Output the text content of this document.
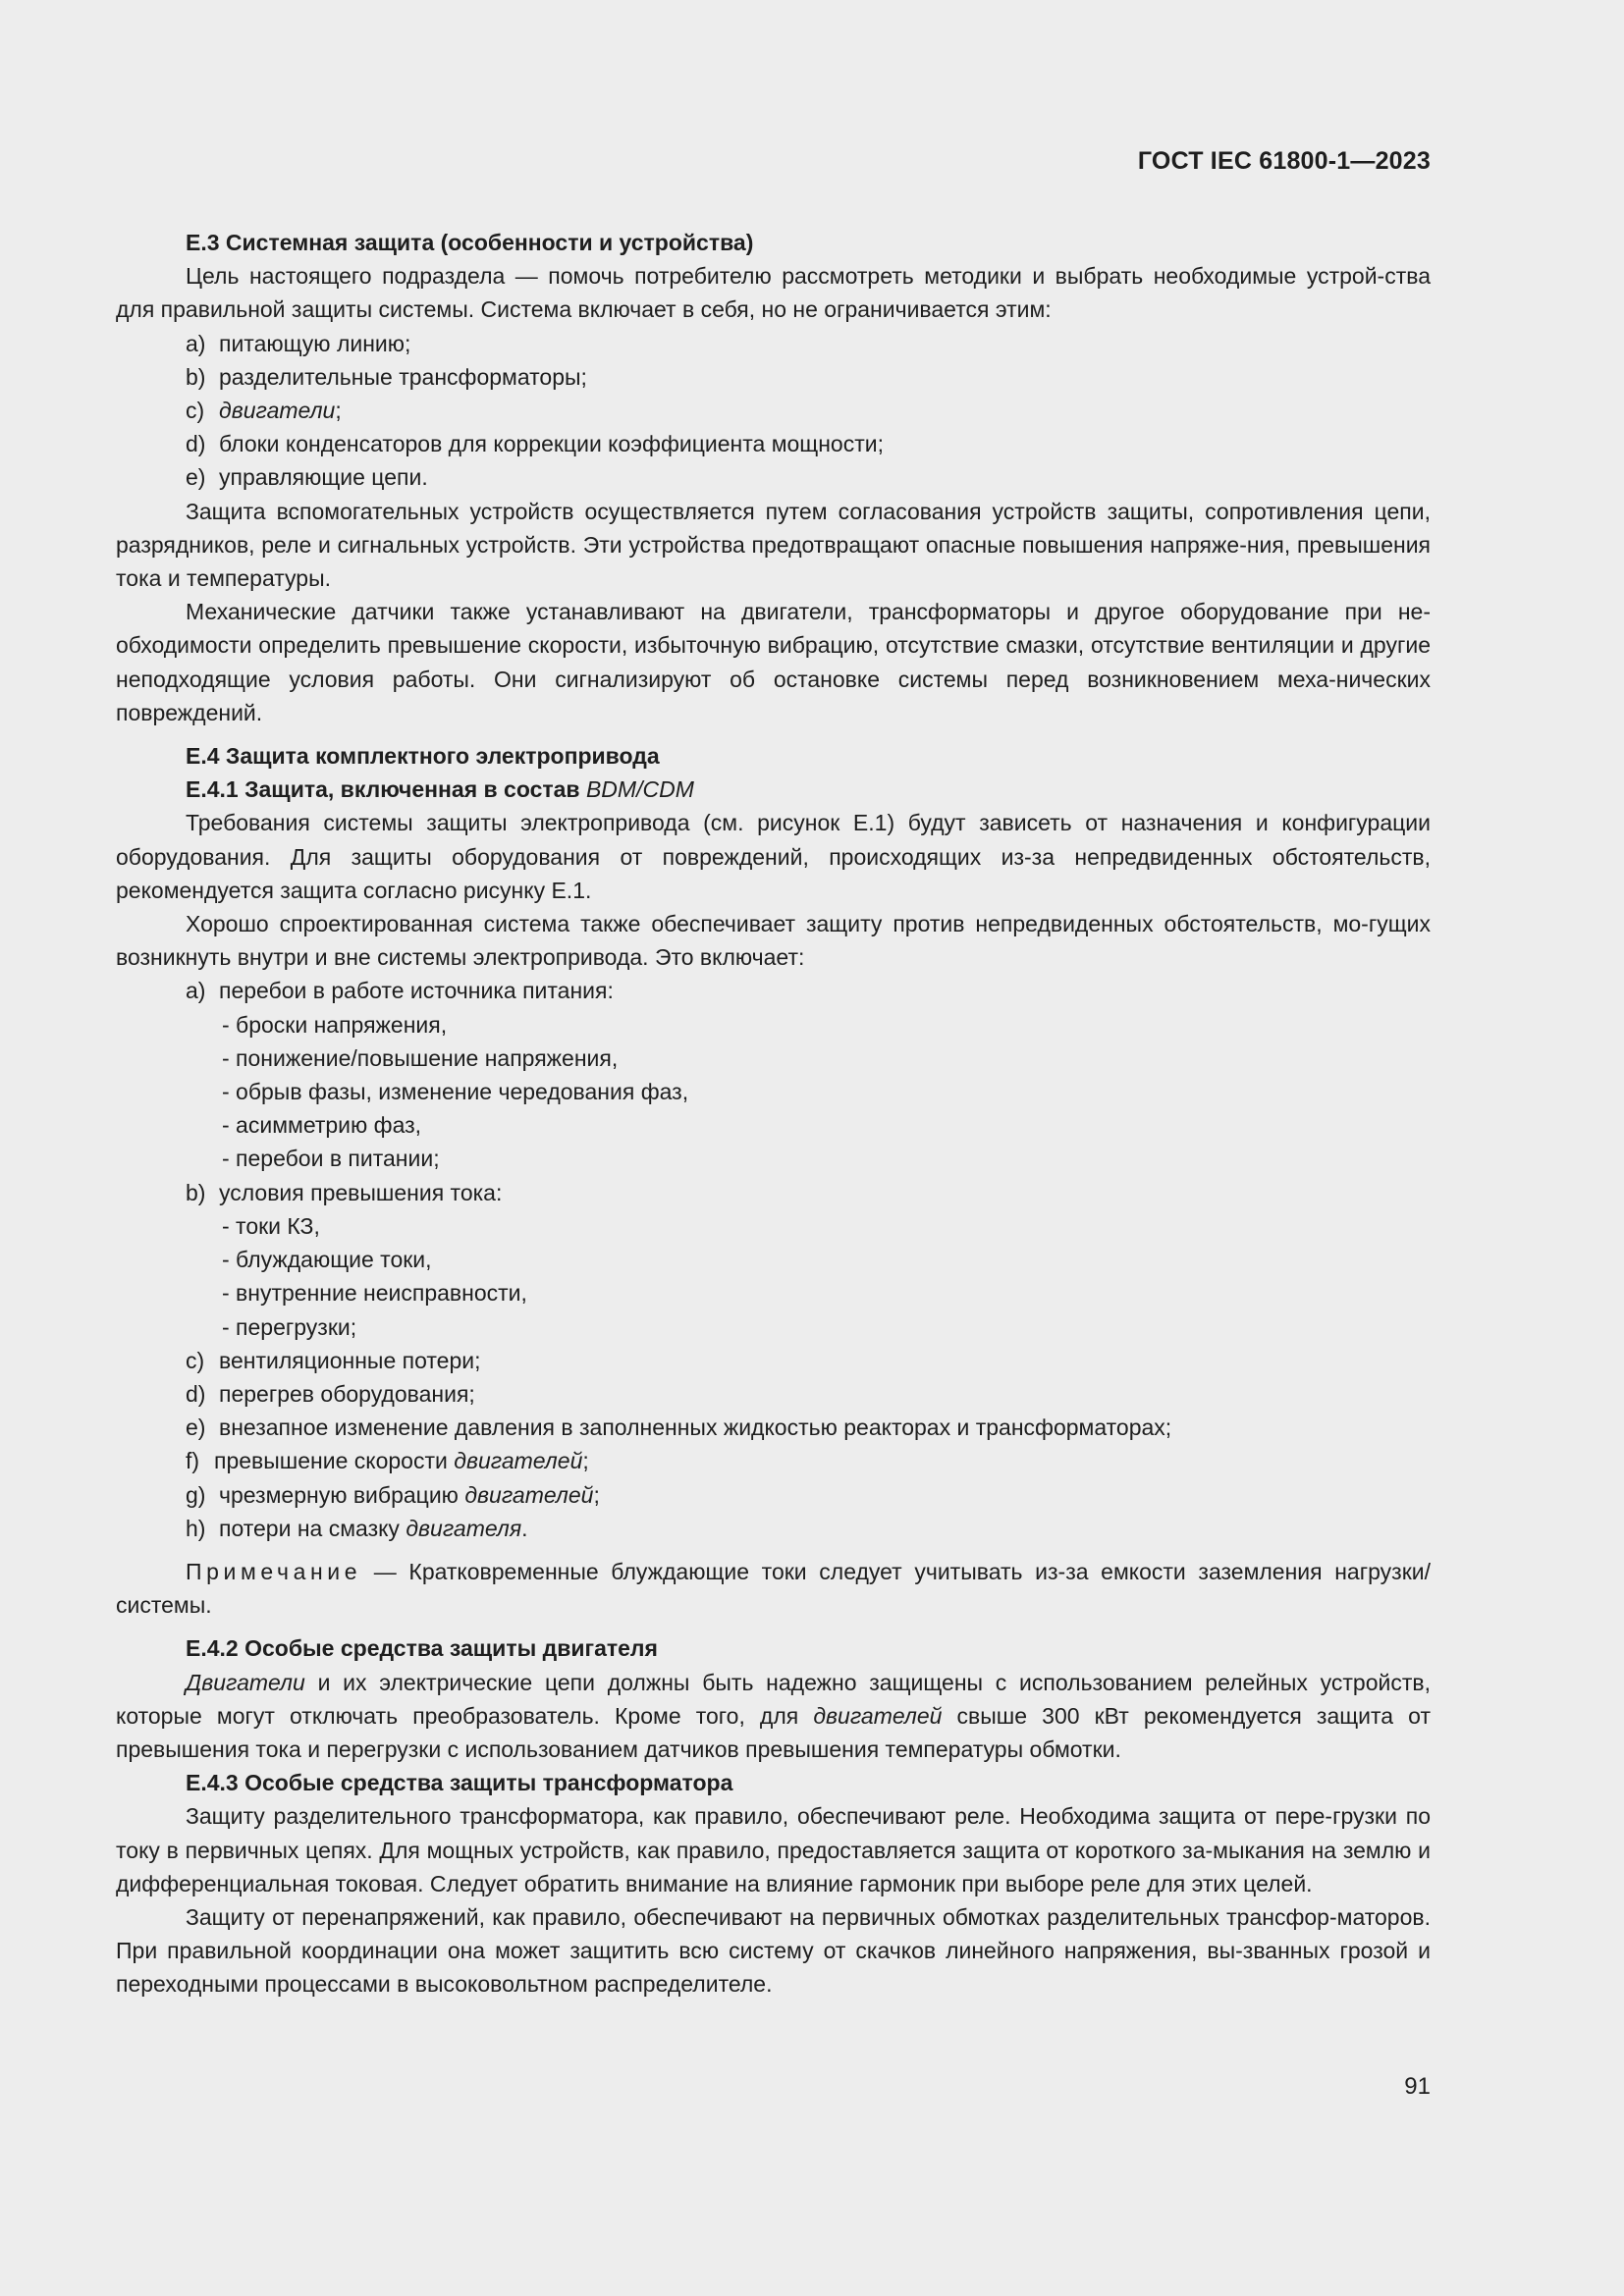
ГОСТ IEC 61800-1—2023

Е.3 Системная защита (особенности и устройства)

Цель настоящего подраздела — помочь потребителю рассмотреть методики и выбрать необходимые устрой-ства для правильной защиты системы. Система включает в себя, но не ограничивается этим:

a) питающую линию;

b) разделительные трансформаторы;

c) двигатели;

d) блоки конденсаторов для коррекции коэффициента мощности;

e) управляющие цепи.

Защита вспомогательных устройств осуществляется путем согласования устройств защиты, сопротивления цепи, разрядников, реле и сигнальных устройств. Эти устройства предотвращают опасные повышения напряже-ния, превышения тока и температуры.

Механические датчики также устанавливают на двигатели, трансформаторы и другое оборудование при не-обходимости определить превышение скорости, избыточную вибрацию, отсутствие смазки, отсутствие вентиляции и другие неподходящие условия работы. Они сигнализируют об остановке системы перед возникновением меха-нических повреждений.

Е.4 Защита комплектного электропривода

Е.4.1 Защита, включенная в состав BDM/CDM

Требования системы защиты электропривода (см. рисунок Е.1) будут зависеть от назначения и конфигурации оборудования. Для защиты оборудования от повреждений, происходящих из-за непредвиденных обстоятельств, рекомендуется защита согласно рисунку Е.1.

Хорошо спроектированная система также обеспечивает защиту против непредвиденных обстоятельств, мо-гущих возникнуть внутри и вне системы электропривода. Это включает:

a) перебои в работе источника питания:

- броски напряжения,

- понижение/повышение напряжения,

- обрыв фазы, изменение чередования фаз,

- асимметрию фаз,

- перебои в питании;

b) условия превышения тока:

- токи КЗ,

- блуждающие токи,

- внутренние неисправности,

- перегрузки;

c) вентиляционные потери;

d) перегрев оборудования;

e) внезапное изменение давления в заполненных жидкостью реакторах и трансформаторах;

f) превышение скорости двигателей;

g) чрезмерную вибрацию двигателей;

h) потери на смазку двигателя.

Примечание — Кратковременные блуждающие токи следует учитывать из-за емкости заземления нагрузки/системы.

Е.4.2 Особые средства защиты двигателя

Двигатели и их электрические цепи должны быть надежно защищены с использованием релейных устройств, которые могут отключать преобразователь. Кроме того, для двигателей свыше 300 кВт рекомендуется защита от превышения тока и перегрузки с использованием датчиков превышения температуры обмотки.

Е.4.3 Особые средства защиты трансформатора

Защиту разделительного трансформатора, как правило, обеспечивают реле. Необходима защита от пере-грузки по току в первичных цепях. Для мощных устройств, как правило, предоставляется защита от короткого за-мыкания на землю и дифференциальная токовая. Следует обратить внимание на влияние гармоник при выборе реле для этих целей.

Защиту от перенапряжений, как правило, обеспечивают на первичных обмотках разделительных трансфор-маторов. При правильной координации она может защитить всю систему от скачков линейного напряжения, вы-званных грозой и переходными процессами в высоковольтном распределителе.

91
